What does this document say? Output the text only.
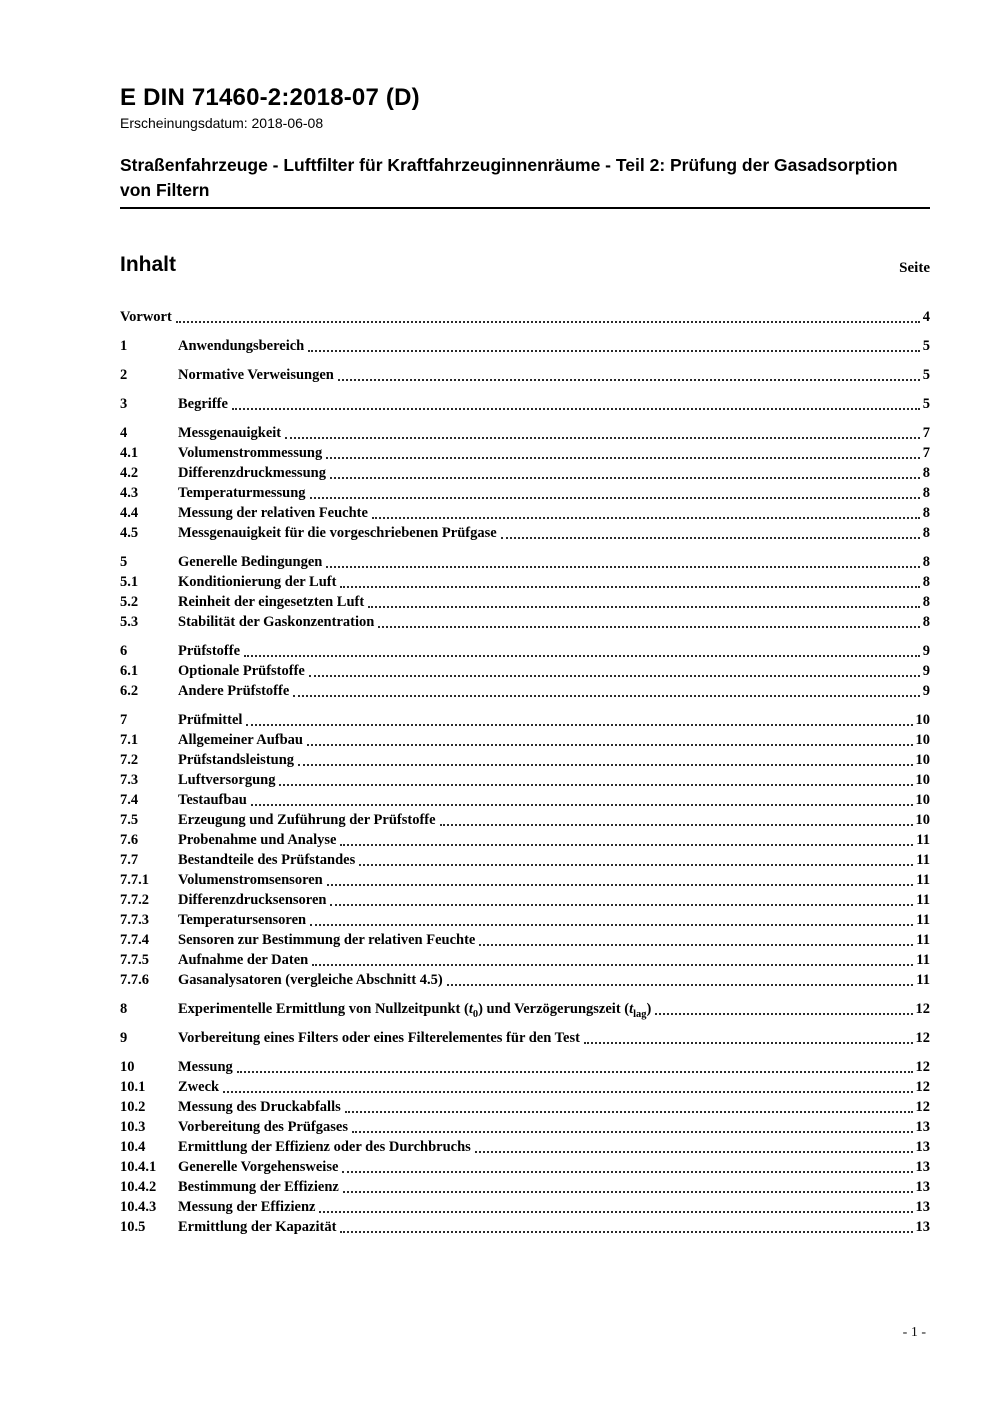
E DIN 71460-2:2018-07 (D)
Erscheinungsdatum: 2018-06-08
Straßenfahrzeuge - Luftfilter für Kraftfahrzeuginnenräume - Teil 2: Prüfung der Gasadsorption von Filtern
Inhalt	Seite
Vorwort	4
1	Anwendungsbereich	5
2	Normative Verweisungen	5
3	Begriffe	5
4	Messgenauigkeit	7
4.1	Volumenstrommessung	7
4.2	Differenzdruckmessung	8
4.3	Temperaturmessung	8
4.4	Messung der relativen Feuchte	8
4.5	Messgenauigkeit für die vorgeschriebenen Prüfgase	8
5	Generelle Bedingungen	8
5.1	Konditionierung der Luft	8
5.2	Reinheit der eingesetzten Luft	8
5.3	Stabilität der Gaskonzentration	8
6	Prüfstoffe	9
6.1	Optionale Prüfstoffe	9
6.2	Andere Prüfstoffe	9
7	Prüfmittel	10
7.1	Allgemeiner Aufbau	10
7.2	Prüfstandsleistung	10
7.3	Luftversorgung	10
7.4	Testaufbau	10
7.5	Erzeugung und Zuführung der Prüfstoffe	10
7.6	Probenahme und Analyse	11
7.7	Bestandteile des Prüfstandes	11
7.7.1	Volumenstromsensoren	11
7.7.2	Differenzdrucksensoren	11
7.7.3	Temperatursensoren	11
7.7.4	Sensoren zur Bestimmung der relativen Feuchte	11
7.7.5	Aufnahme der Daten	11
7.7.6	Gasanalysatoren (vergleiche Abschnitt 4.5)	11
8	Experimentelle Ermittlung von Nullzeitpunkt $(t_0)$ und Verzögerungszeit $(t_{lag})$	12
9	Vorbereitung eines Filters oder eines Filterelementes für den Test	12
10	Messung	12
10.1	Zweck	12
10.2	Messung des Druckabfalls	12
10.3	Vorbereitung des Prüfgases	13
10.4	Ermittlung der Effizienz oder des Durchbruchs	13
10.4.1	Generelle Vorgehensweise	13
10.4.2	Bestimmung der Effizienz	13
10.4.3	Messung der Effizienz	13
10.5	Ermittlung der Kapazität	13
- 1 -
